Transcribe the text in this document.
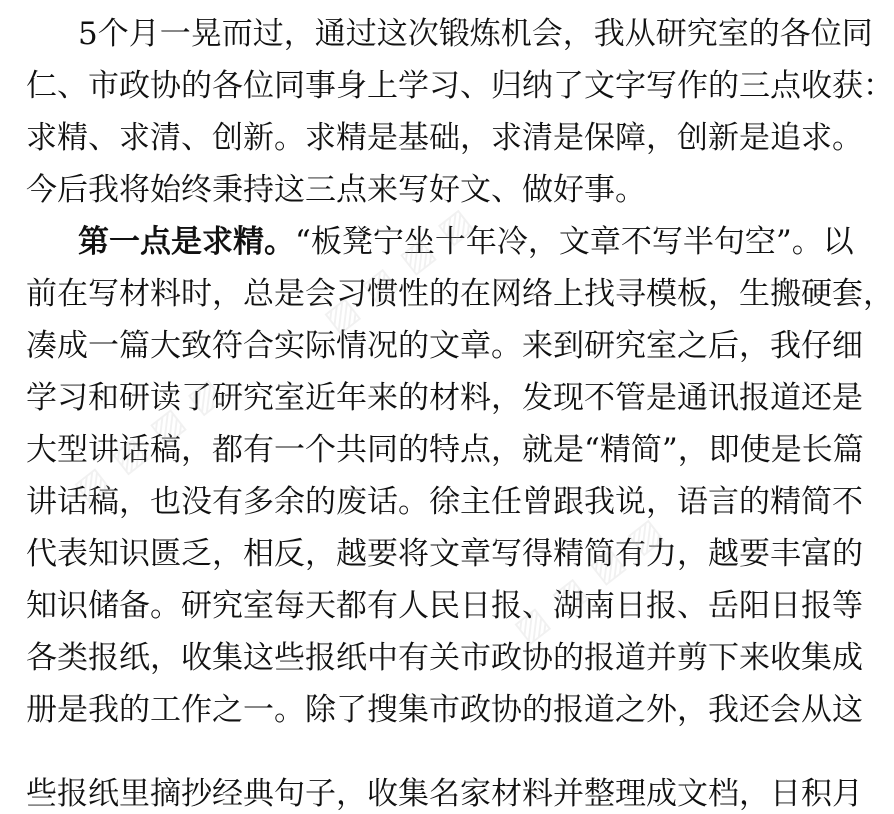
5个月一晃而过，通过这次锻炼机会，我从研究室的各位同
仁、市政协的各位同事身上学习、归纳了文字写作的三点收获：
求精、求清、创新。求精是基础，求清是保障，创新是追求。
今后我将始终秉持这三点来写好文、做好事。
第一点是求精。“板凳宁坐十年冷，文章不写半句空”。以
前在写材料时，总是会习惯性的在网络上找寻模板，生搬硬套，
凑成一篇大致符合实际情况的文章。来到研究室之后，我仔细
学习和研读了研究室近年来的材料，发现不管是通讯报道还是
大型讲话稿，都有一个共同的特点，就是“精简”，即使是长篇
讲话稿，也没有多余的废话。徐主任曾跟我说，语言的精简不
代表知识匮乏，相反，越要将文章写得精简有力，越要丰富的
知识储备。研究室每天都有人民日报、湖南日报、岳阳日报等
各类报纸，收集这些报纸中有关市政协的报道并剪下来收集成
册是我的工作之一。除了搜集市政协的报道之外，我还会从这
些报纸里摘抄经典句子，收集名家材料并整理成文档，日积月
▨ ▨ ▨ ▨
▨ ▨ ▨ ▨
▨ ▨ ▨ ▨
